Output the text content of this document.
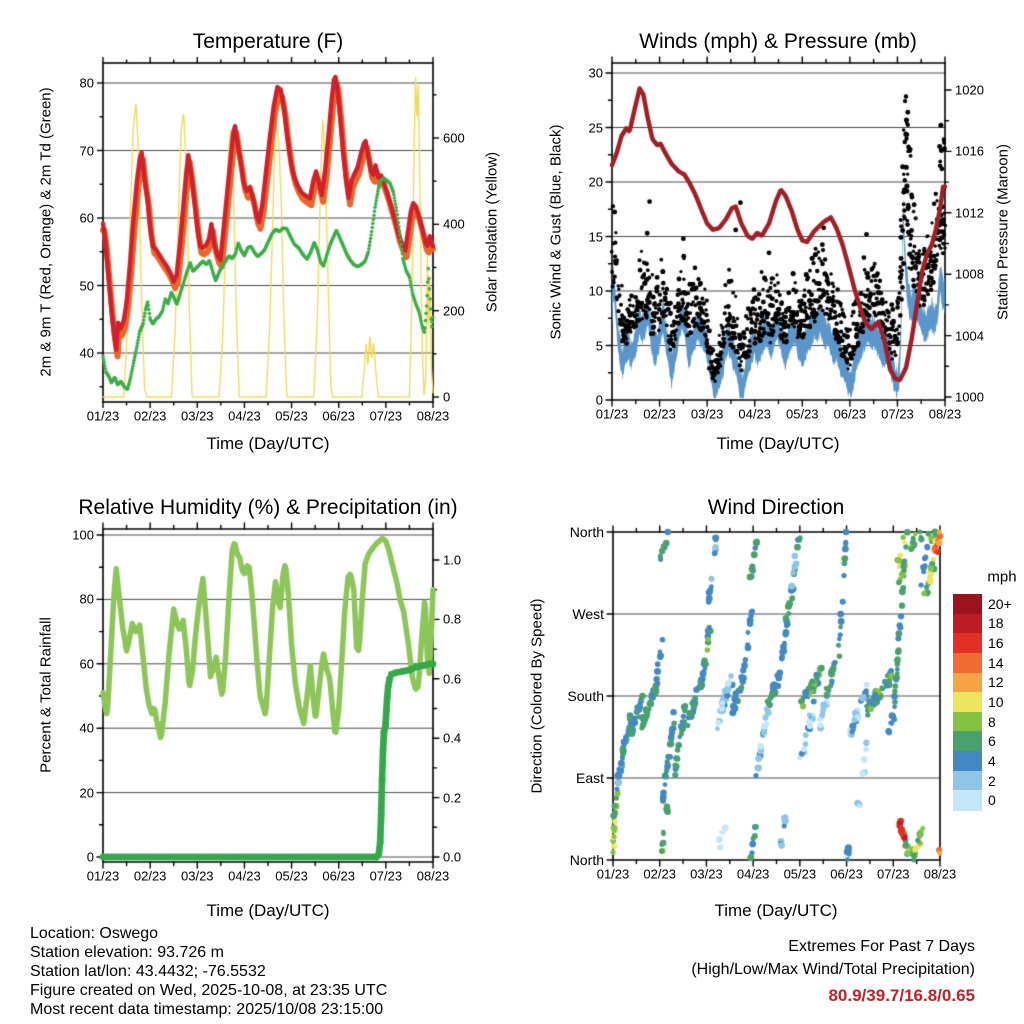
01/23 02/23 03/23 04/23 05/23 06/23 07/23 08/23
40
50
60
70
80
0
200
400
600
01/23 02/23 03/23 04/23 05/23 06/23 07/23 08/23
0
5
10
15
20
25
30
1000
1004
1008
1012
1016
1020
01/23 02/23 03/23 04/23 05/23 06/23 07/23 08/23
0
20
40
60
80
100
0.0
0.2
0.4
0.6
0.8
1.0
01/23 02/23 03/23 04/23 05/23 06/23 07/23 08/23
North
West
South
East
North
Temperature (F)	Winds (mph) & Pressure (mb)
Relative Humidity (%) & Precipitation (in)	Wind Direction
Time (Day/UTC)	Time (Day/UTC)
Time (Day/UTC)	Time (Day/UTC)
2m & 9m T (Red, Orange) & 2m Td (Green)	Solar Insolation (Yellow)	Sonic Wind & Gust (Blue, Black)	Station Pressure (Maroon)
Percent & Total Rainfall	Direction (Colored By Speed)
mph
20+
18
16
14
12
10
8
6
4
2
0
Location: Oswego
Station elevation: 93.726 m
Station lat/lon: 43.4432; -76.5532
Figure created on Wed, 2025-10-08, at 23:35 UTC
Most recent data timestamp: 2025/10/08 23:15:00
Extremes For Past 7 Days
(High/Low/Max Wind/Total Precipitation)
80.9/39.7/16.8/0.65
